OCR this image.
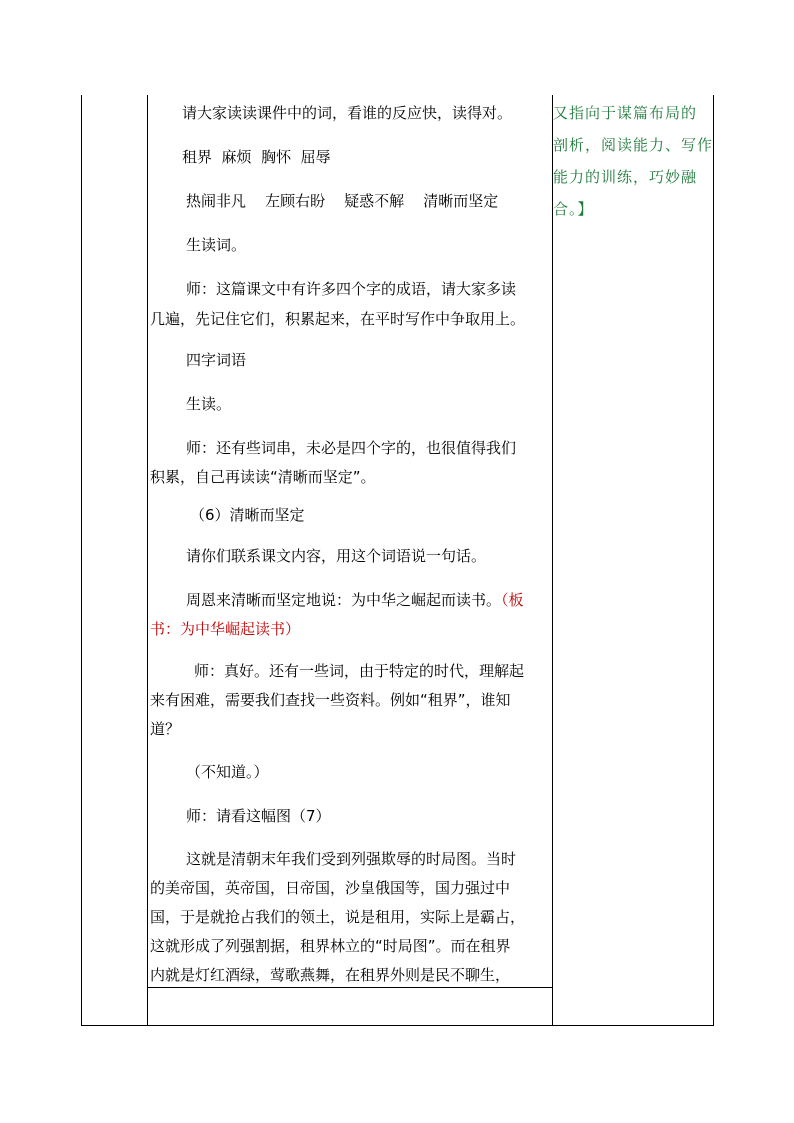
请大家读读课件中的词，看谁的反应快，读得对。
租界  麻烦  胸怀  屈辱
热闹非凡    左顾右盼    疑惑不解    清晰而坚定
生读词。
师：这篇课文中有许多四个字的成语，请大家多读
几遍，先记住它们，积累起来，在平时写作中争取用上。
四字词语
生读。
师：还有些词串，未必是四个字的，也很值得我们
积累，自己再读读“清晰而坚定”。
（6）清晰而坚定
请你们联系课文内容，用这个词语说一句话。
周恩来清晰而坚定地说：为中华之崛起而读书。（板
书：为中华崛起读书）
师：真好。还有一些词，由于特定的时代，理解起
来有困难，需要我们查找一些资料。例如“租界”，谁知
道？
（不知道。）
师：请看这幅图（7）
这就是清朝末年我们受到列强欺辱的时局图。当时
的美帝国，英帝国，日帝国，沙皇俄国等，国力强过中
国，于是就抢占我们的领土，说是租用，实际上是霸占，
这就形成了列强割据，租界林立的“时局图”。而在租界
内就是灯红酒绿，莺歌燕舞，在租界外则是民不聊生，
又指向于谋篇布局的
剖析，阅读能力、写作
能力的训练，巧妙融
合。】
